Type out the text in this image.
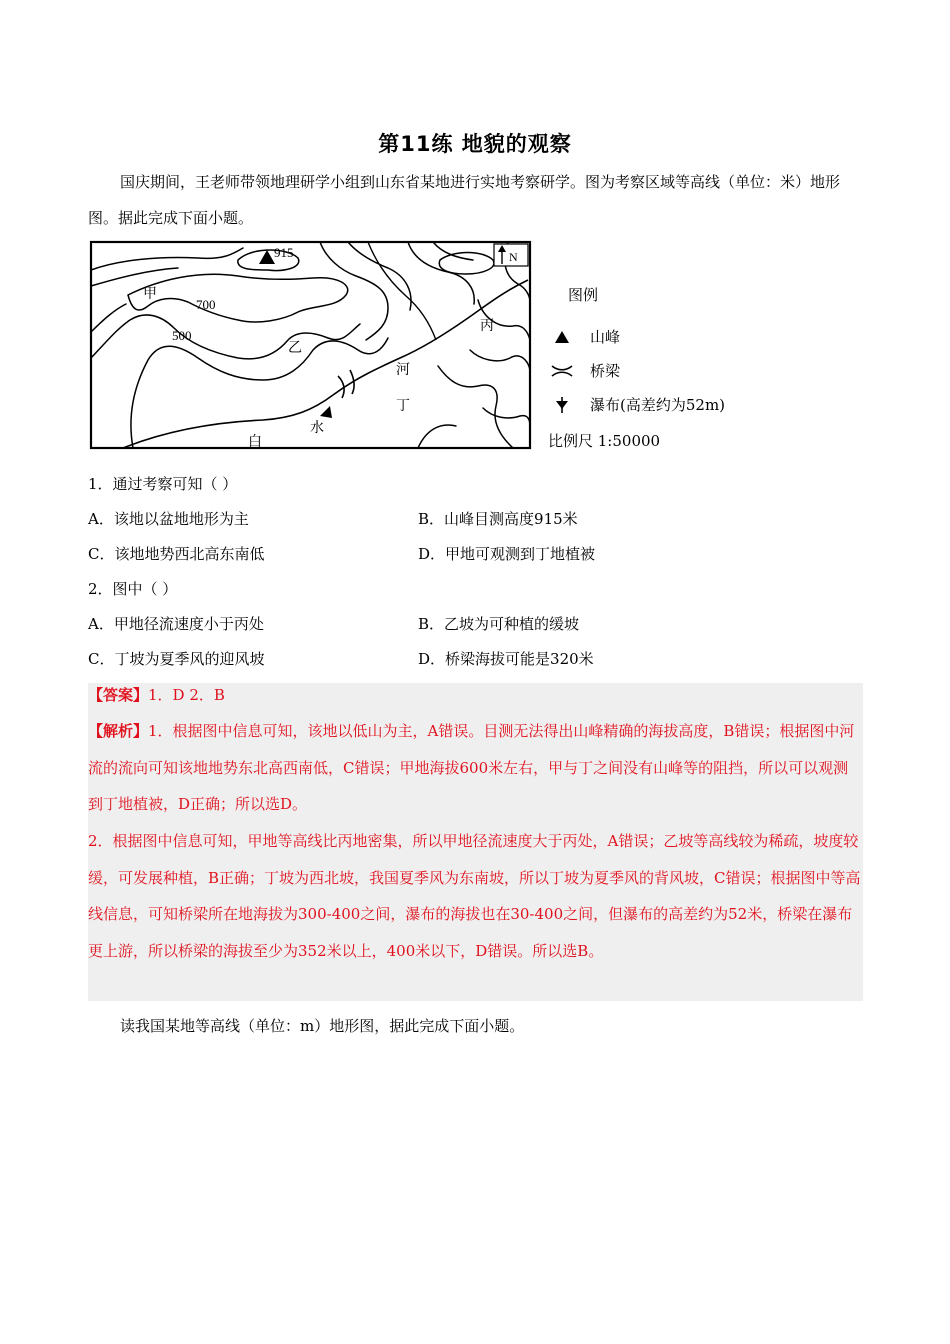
第11练 地貌的观察
国庆期间，王老师带领地理研学小组到山东省某地进行实地考察研学。图为考察区域等高线（单位：米）地形图。据此完成下面小题。
N
915
700
500
甲
乙
丙
丁
白
水
河
图例
山峰
桥梁
瀑布(高差约为52m)
比例尺 1:50000
1．通过考察可知（ ）
A．该地以盆地地形为主	B．山峰目测高度915米
C．该地地势西北高东南低	D．甲地可观测到丁地植被
2．图中（ ）
A．甲地径流速度小于丙处	B．乙坡为可种植的缓坡
C．丁坡为夏季风的迎风坡	D．桥梁海拔可能是320米
【答案】1．D 2．B
【解析】1．根据图中信息可知，该地以低山为主，A错误。目测无法得出山峰精确的海拔高度，B错误；根据图中河流的流向可知该地地势东北高西南低，C错误；甲地海拔600米左右，甲与丁之间没有山峰等的阻挡，所以可以观测到丁地植被，D正确；所以选D。
2．根据图中信息可知，甲地等高线比丙地密集，所以甲地径流速度大于丙处，A错误；乙坡等高线较为稀疏，坡度较缓，可发展种植，B正确；丁坡为西北坡，我国夏季风为东南坡，所以丁坡为夏季风的背风坡，C错误；根据图中等高线信息，可知桥梁所在地海拔为300-400之间，瀑布的海拔也在30-400之间，但瀑布的高差约为52米，桥梁在瀑布更上游，所以桥梁的海拔至少为352米以上，400米以下，D错误。所以选B。
读我国某地等高线（单位：m）地形图，据此完成下面小题。
